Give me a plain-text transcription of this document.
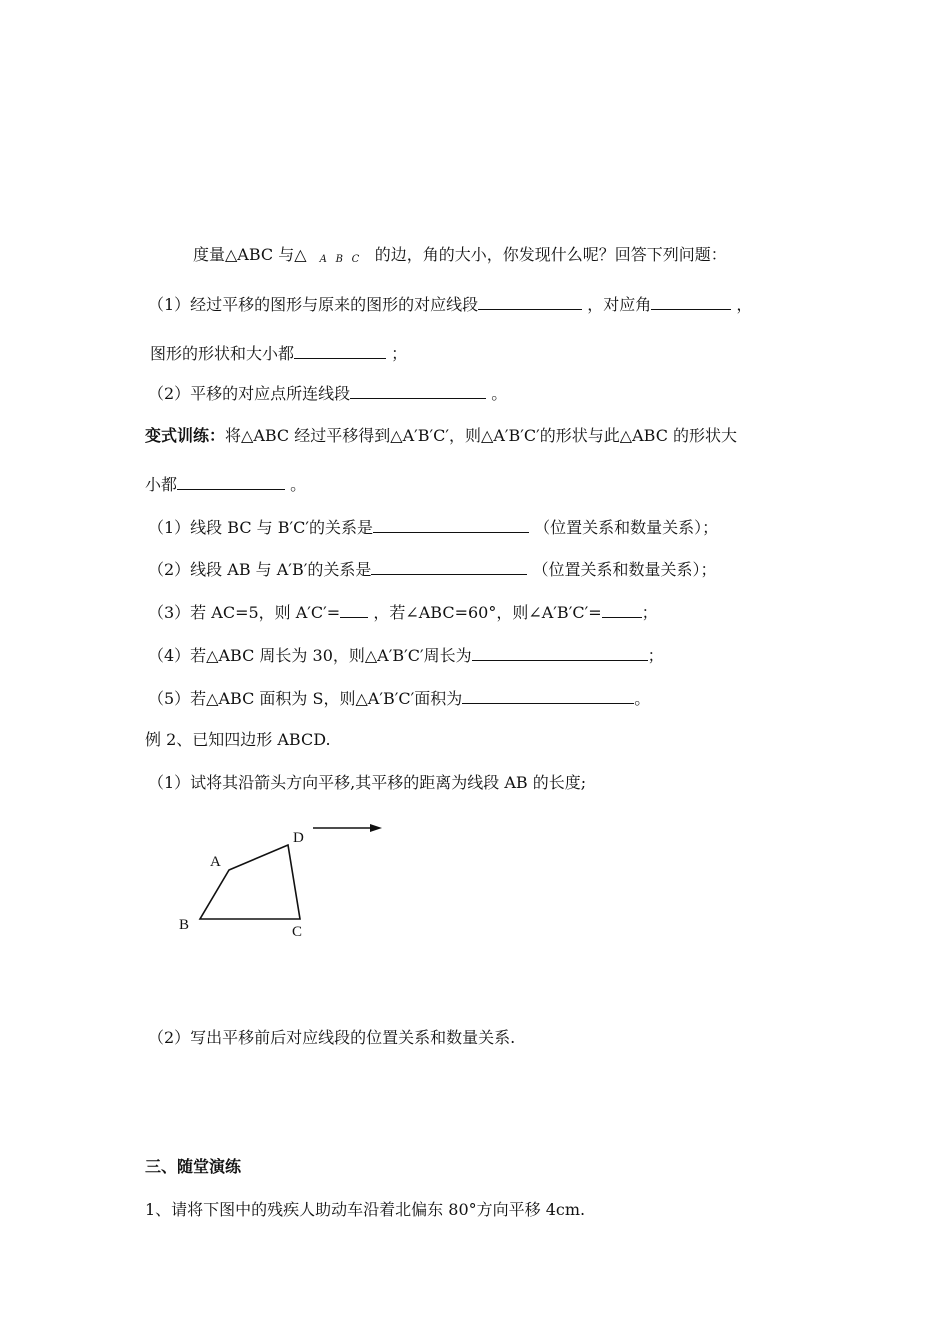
度量△ABC 与△ A B C 的边，角的大小，你发现什么呢？回答下列问题：
（1）经过平移的图形与原来的图形的对应线段	，对应角	，
图形的形状和大小都	；
（2）平移的对应点所连线段	。
变式训练：将△ABC 经过平移得到△A′B′C′，则△A′B′C′的形状与此△ABC 的形状大
小都	。
（1）线段 BC 与 B′C′的关系是	（位置关系和数量关系）；
（2）线段 AB 与 A′B′的关系是	（位置关系和数量关系）；
（3）若 AC=5，则 A′C′= ，若∠ABC=60°，则∠A′B′C′=	；
（4）若△ABC 周长为 30，则△A′B′C′周长为	；
（5）若△ABC 面积为 S，则△A′B′C′面积为	。
例 2、已知四边形 ABCD.
（1）试将其沿箭头方向平移,其平移的距离为线段 AB 的长度;
A
B	C
D
（2）写出平移前后对应线段的位置关系和数量关系.
三、随堂演练
1、请将下图中的残疾人助动车沿着北偏东 80°方向平移 4cm.
